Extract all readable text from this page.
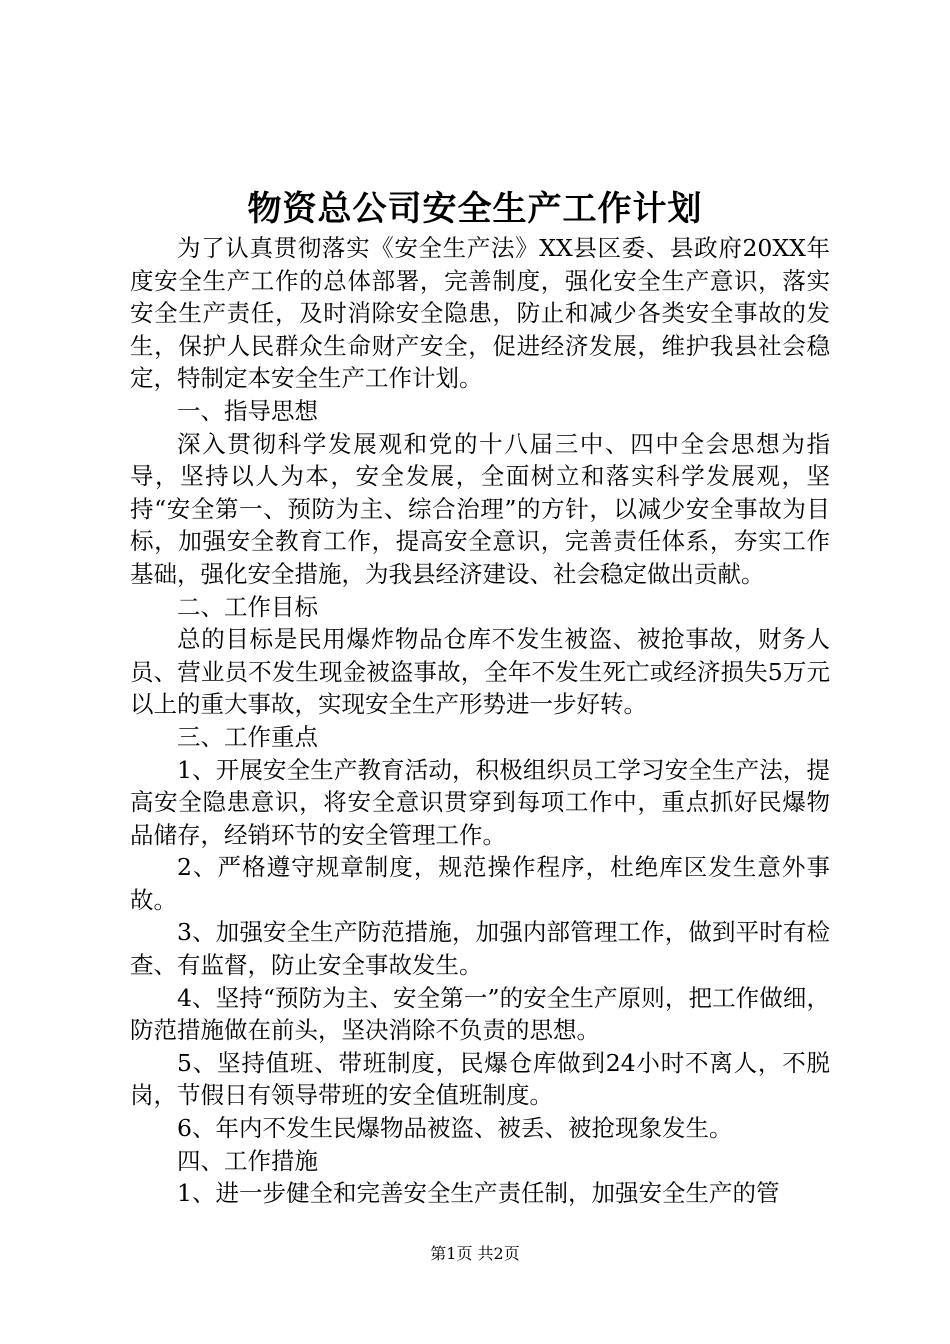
物资总公司安全生产工作计划

为了认真贯彻落实《安全生产法》XX县区委、县政府20XX年度安全生产工作的总体部署，完善制度，强化安全生产意识，落实安全生产责任，及时消除安全隐患，防止和减少各类安全事故的发生，保护人民群众生命财产安全，促进经济发展，维护我县社会稳定，特制定本安全生产工作计划。

一、指导思想

深入贯彻科学发展观和党的十八届三中、四中全会思想为指导，坚持以人为本，安全发展，全面树立和落实科学发展观，坚持“安全第一、预防为主、综合治理”的方针，以减少安全事故为目标，加强安全教育工作，提高安全意识，完善责任体系，夯实工作基础，强化安全措施，为我县经济建设、社会稳定做出贡献。

二、工作目标

总的目标是民用爆炸物品仓库不发生被盗、被抢事故，财务人员、营业员不发生现金被盗事故，全年不发生死亡或经济损失5万元以上的重大事故，实现安全生产形势进一步好转。

三、工作重点

1、开展安全生产教育活动，积极组织员工学习安全生产法，提高安全隐患意识，将安全意识贯穿到每项工作中，重点抓好民爆物品储存，经销环节的安全管理工作。

2、严格遵守规章制度，规范操作程序，杜绝库区发生意外事故。

3、加强安全生产防范措施，加强内部管理工作，做到平时有检查、有监督，防止安全事故发生。

4、坚持“预防为主、安全第一”的安全生产原则，把工作做细，防范措施做在前头，坚决消除不负责的思想。

5、坚持值班、带班制度，民爆仓库做到24小时不离人，不脱岗，节假日有领导带班的安全值班制度。

6、年内不发生民爆物品被盗、被丢、被抢现象发生。

四、工作措施

1、进一步健全和完善安全生产责任制，加强安全生产的管

第1页 共2页
